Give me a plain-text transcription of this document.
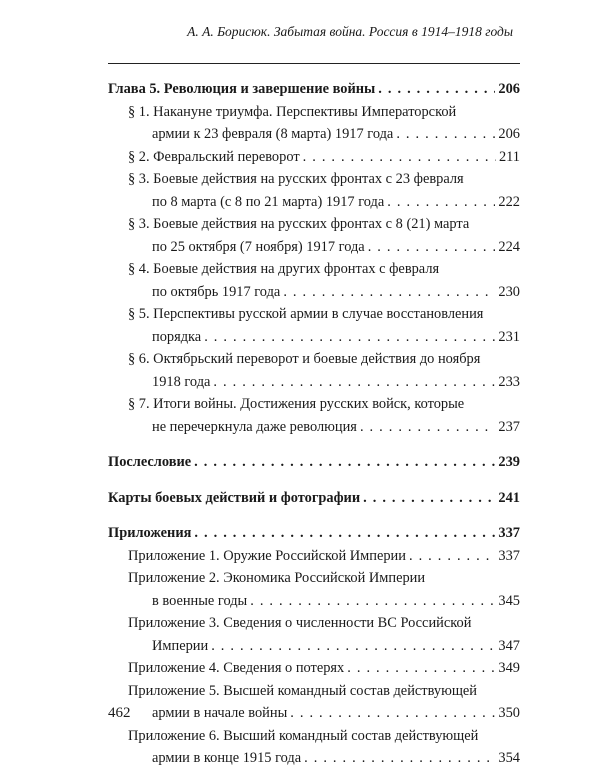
А. А. Борисюк. Забытая война. Россия в 1914–1918 годы
Глава 5. Революция и завершение войны . . .	206
§ 1. Накануне триумфа. Перспективы Императорской
армии к 23 февраля (8 марта) 1917 года . . .	206
§ 2. Февральский переворот . . .	211
§ 3. Боевые действия на русских фронтах с 23 февраля
по 8 марта (с 8 по 21 марта) 1917 года . . .	222
§ 3. Боевые действия на русских фронтах с 8 (21) марта
по 25 октября (7 ноября) 1917 года . . .	224
§ 4. Боевые действия на других фронтах с февраля
по октябрь 1917 года . . .	230
§ 5. Перспективы русской армии в случае восстановления
порядка . . .	231
§ 6. Октябрьский переворот и боевые действия до ноября
1918 года . . .	233
§ 7. Итоги войны. Достижения русских войск, которые
не перечеркнула даже революция . . .	237
Послесловие . . .	239
Карты боевых действий и фотографии . . .	241
Приложения . . .	337
Приложение 1. Оружие Российской Империи . . .	337
Приложение 2. Экономика Российской Империи
в военные годы . . .	345
Приложение 3. Сведения о численности ВС Российской
Империи . . .	347
Приложение 4. Сведения о потерях . . .	349
Приложение 5. Высшей командный состав действующей
армии в начале войны . . .	350
Приложение 6. Высший командный состав действующей
армии в конце 1915 года . . .	354
462
